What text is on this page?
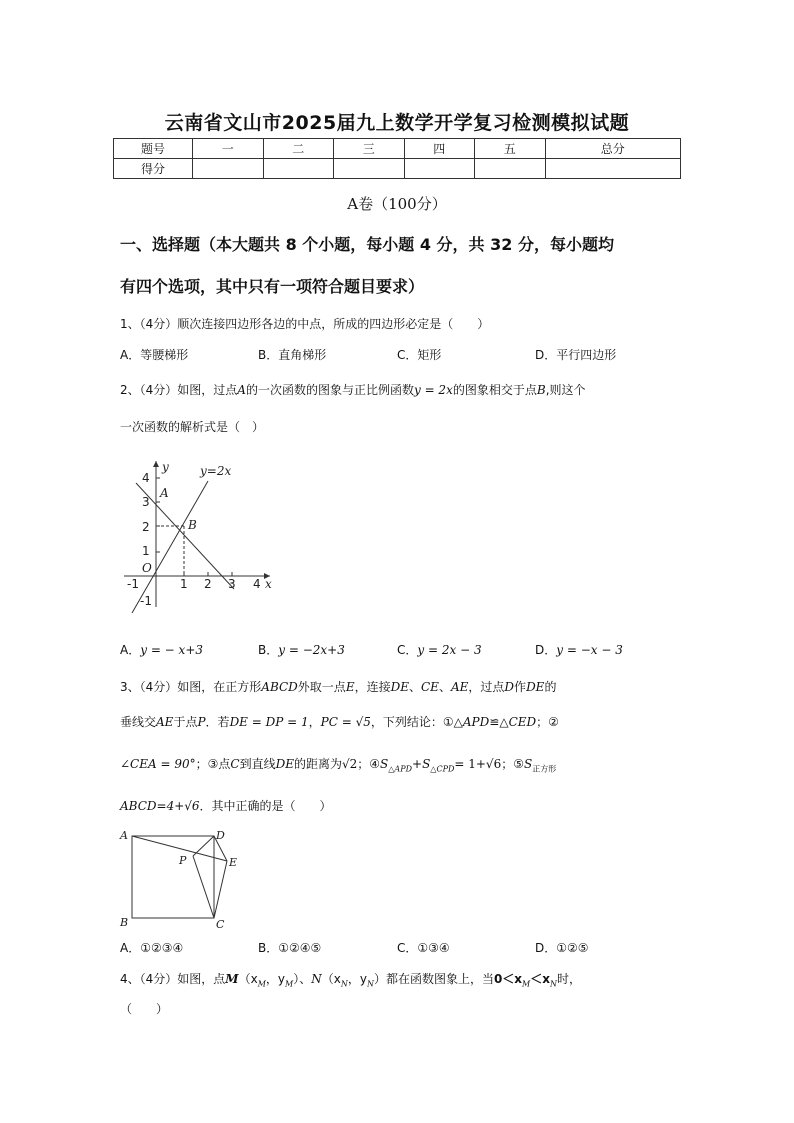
云南省文山市2025届九上数学开学复习检测模拟试题
题号	一	二	三	四	五	总分
得分						
A卷（100分）
一、选择题（本大题共 8 个小题，每小题 4 分，共 32 分，每小题均
有四个选项，其中只有一项符合题目要求）
1、（4分）顺次连接四边形各边的中点，所成的四边形必定是（　　）
A．等腰梯形	B．直角梯形	C．矩形	D．平行四边形
2、（4分）如图，过点A的一次函数的图象与正比例函数y = 2x的图象相交于点B,则这个
一次函数的解析式是（　）
y=2x
y
x
O
A
B
-1	1 2 3 4
4
3
2
1
-1
A．y = − x+3	B．y = −2x+3	C．y = 2x − 3	D．y = −x − 3
3、（4分）如图，在正方形ABCD外取一点E，连接DE、CE、AE，过点D作DE的
垂线交AE于点P．若DE = DP = 1，PC = √5，下列结论：①△APD≌△CED；②
∠CEA = 90°；③点C到直线DE的距离为√2；$④S_{\triangle APD}+S_{\triangle CPD}= 1+√6$；$⑤S_{正方形}$
ABCD=4+√6．其中正确的是（　　）
A	D
P	E
B	C
A．①②③④	B．①②④⑤	C．①③④	D．①②⑤
4、（4分）如图，点$M(x_M$，$y_M$）、$N(x_N$，$y_N$）都在函数图象上，当$0<x_M<x_N$时，
（　　）
